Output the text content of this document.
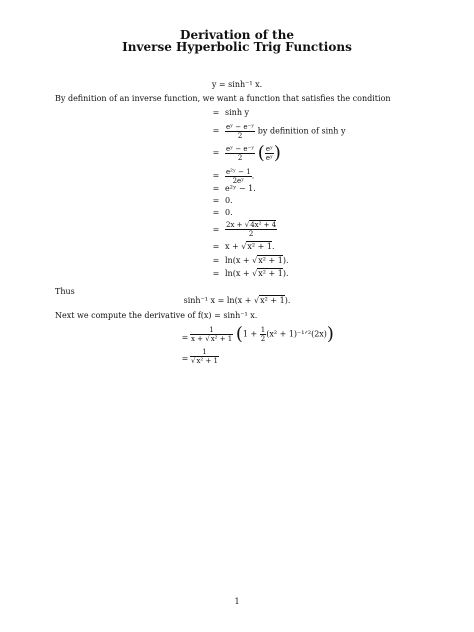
Derivation of the
Inverse Hyperbolic Trig Functions
y = sinh⁻¹ x.
By definition of an inverse function, we want a function that satisfies the condition
= sinh y
= $\frac{\text{eʸ − e⁻ʸ}}{2}$ by definition of sinh y
= $\frac{\text{eʸ − e⁻ʸ}}{2}$ ( $\frac{\text{eʸ}}{\text{eʸ}}$ )
= $\frac{\text{e²ʸ − 1}}{\text{2eʸ}}$ .
= e²ʸ − 1.
= 0.
= 0.
= $\frac{\text{2x + √4x² + 4}}{2}$
= x + √x² + 1.
= ln(x + √x² + 1).
= ln(x + √x² + 1).
Thus
sinh⁻¹ x = ln(x + √x² + 1).
Next we compute the derivative of f(x) = sinh⁻¹ x.
= $\frac{1}{\text{x + √x² + 1}} (1 + \frac{1}{2} (x^2$ + 1)⁻¹ᐟ²(2x))
= $\frac{1}{\text{√x² + 1}}$
1
